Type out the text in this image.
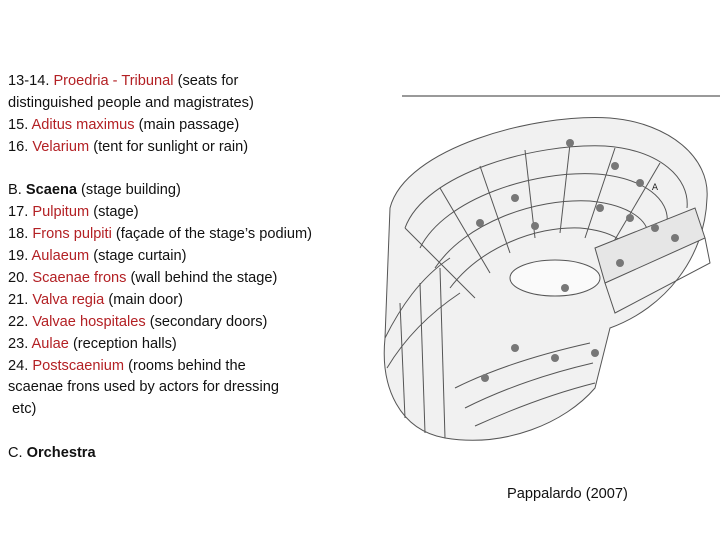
13-14. Proedria - Tribunal (seats for
distinguished people and magistrates)
15. Aditus maximus (main passage)
16. Velarium (tent for sunlight or rain)
B. Scaena (stage building)
17. Pulpitum (stage)
18. Frons pulpiti (façade of the stage’s podium)
19. Aulaeum (stage curtain)
20. Scaenae frons (wall behind the stage)
21. Valva regia (main door)
22. Valvae hospitales (secondary doors)
23. Aulae (reception halls)
24. Postscaenium (rooms behind the
scaenae frons used by actors for dressing
etc)
C. Orchestra
A
Pappalardo (2007)
